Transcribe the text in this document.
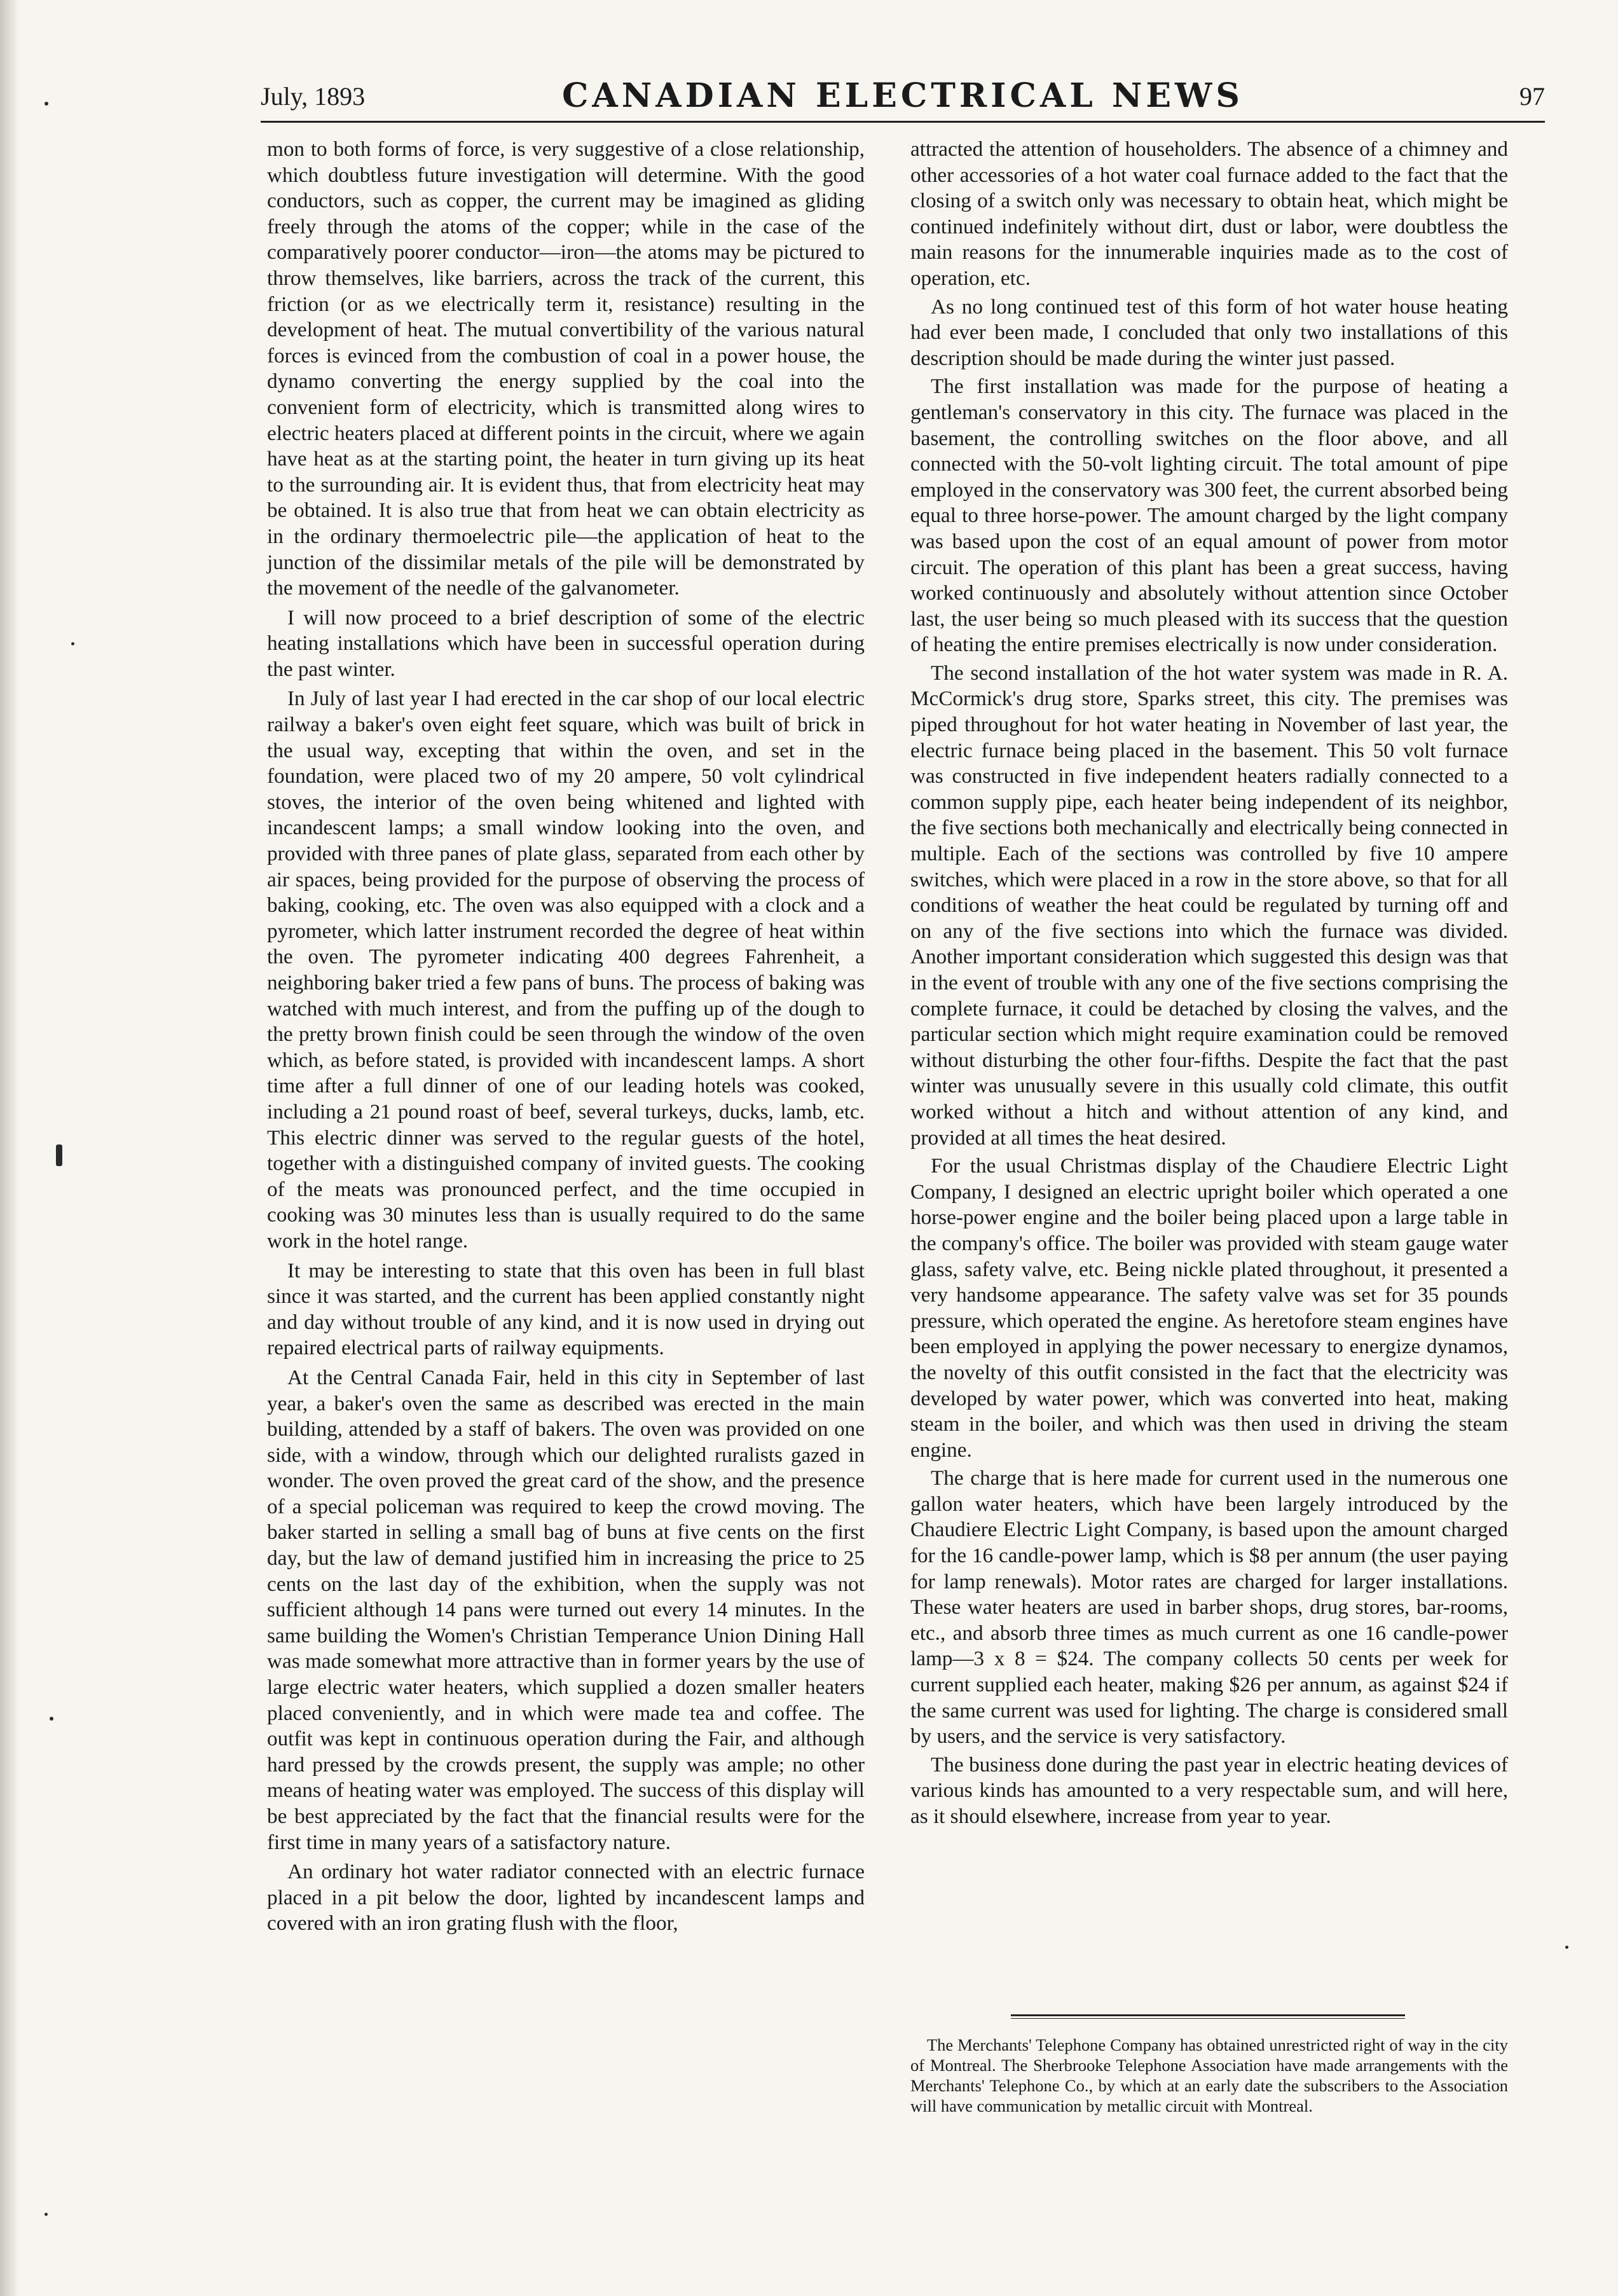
July, 1893	CANADIAN ELECTRICAL NEWS	97

mon to both forms of force, is very suggestive of a close relationship, which doubtless future investigation will determine. With the good conductors, such as copper, the current may be imagined as gliding freely through the atoms of the copper; while in the case of the comparatively poorer conductor—iron—the atoms may be pictured to throw themselves, like barriers, across the track of the current, this friction (or as we electrically term it, resistance) resulting in the development of heat. The mutual convertibility of the various natural forces is evinced from the combustion of coal in a power house, the dynamo converting the energy supplied by the coal into the convenient form of electricity, which is transmitted along wires to electric heaters placed at different points in the circuit, where we again have heat as at the starting point, the heater in turn giving up its heat to the surrounding air. It is evident thus, that from electricity heat may be obtained. It is also true that from heat we can obtain electricity as in the ordinary thermoelectric pile—the application of heat to the junction of the dissimilar metals of the pile will be demonstrated by the movement of the needle of the galvanometer.

I will now proceed to a brief description of some of the electric heating installations which have been in successful operation during the past winter.

In July of last year I had erected in the car shop of our local electric railway a baker's oven eight feet square, which was built of brick in the usual way, excepting that within the oven, and set in the foundation, were placed two of my 20 ampere, 50 volt cylindrical stoves, the interior of the oven being whitened and lighted with incandescent lamps; a small window looking into the oven, and provided with three panes of plate glass, separated from each other by air spaces, being provided for the purpose of observing the process of baking, cooking, etc. The oven was also equipped with a clock and a pyrometer, which latter instrument recorded the degree of heat within the oven. The pyrometer indicating 400 degrees Fahrenheit, a neighboring baker tried a few pans of buns. The process of baking was watched with much interest, and from the puffing up of the dough to the pretty brown finish could be seen through the window of the oven which, as before stated, is provided with incandescent lamps. A short time after a full dinner of one of our leading hotels was cooked, including a 21 pound roast of beef, several turkeys, ducks, lamb, etc. This electric dinner was served to the regular guests of the hotel, together with a distinguished company of invited guests. The cooking of the meats was pronounced perfect, and the time occupied in cooking was 30 minutes less than is usually required to do the same work in the hotel range.

It may be interesting to state that this oven has been in full blast since it was started, and the current has been applied constantly night and day without trouble of any kind, and it is now used in drying out repaired electrical parts of railway equipments.

At the Central Canada Fair, held in this city in September of last year, a baker's oven the same as described was erected in the main building, attended by a staff of bakers. The oven was provided on one side, with a window, through which our delighted ruralists gazed in wonder. The oven proved the great card of the show, and the presence of a special policeman was required to keep the crowd moving. The baker started in selling a small bag of buns at five cents on the first day, but the law of demand justified him in increasing the price to 25 cents on the last day of the exhibition, when the supply was not sufficient although 14 pans were turned out every 14 minutes. In the same building the Women's Christian Temperance Union Dining Hall was made somewhat more attractive than in former years by the use of large electric water heaters, which supplied a dozen smaller heaters placed conveniently, and in which were made tea and coffee. The outfit was kept in continuous operation during the Fair, and although hard pressed by the crowds present, the supply was ample; no other means of heating water was employed. The success of this display will be best appreciated by the fact that the financial results were for the first time in many years of a satisfactory nature.

An ordinary hot water radiator connected with an electric furnace placed in a pit below the door, lighted by incandescent lamps and covered with an iron grating flush with the floor,

attracted the attention of householders. The absence of a chimney and other accessories of a hot water coal furnace added to the fact that the closing of a switch only was necessary to obtain heat, which might be continued indefinitely without dirt, dust or labor, were doubtless the main reasons for the innumerable inquiries made as to the cost of operation, etc.

As no long continued test of this form of hot water house heating had ever been made, I concluded that only two installations of this description should be made during the winter just passed.

The first installation was made for the purpose of heating a gentleman's conservatory in this city. The furnace was placed in the basement, the controlling switches on the floor above, and all connected with the 50-volt lighting circuit. The total amount of pipe employed in the conservatory was 300 feet, the current absorbed being equal to three horse-power. The amount charged by the light company was based upon the cost of an equal amount of power from motor circuit. The operation of this plant has been a great success, having worked continuously and absolutely without attention since October last, the user being so much pleased with its success that the question of heating the entire premises electrically is now under consideration.

The second installation of the hot water system was made in R. A. McCormick's drug store, Sparks street, this city. The premises was piped throughout for hot water heating in November of last year, the electric furnace being placed in the basement. This 50 volt furnace was constructed in five independent heaters radially connected to a common supply pipe, each heater being independent of its neighbor, the five sections both mechanically and electrically being connected in multiple. Each of the sections was controlled by five 10 ampere switches, which were placed in a row in the store above, so that for all conditions of weather the heat could be regulated by turning off and on any of the five sections into which the furnace was divided. Another important consideration which suggested this design was that in the event of trouble with any one of the five sections comprising the complete furnace, it could be detached by closing the valves, and the particular section which might require examination could be removed without disturbing the other four-fifths. Despite the fact that the past winter was unusually severe in this usually cold climate, this outfit worked without a hitch and without attention of any kind, and provided at all times the heat desired.

For the usual Christmas display of the Chaudiere Electric Light Company, I designed an electric upright boiler which operated a one horse-power engine and the boiler being placed upon a large table in the company's office. The boiler was provided with steam gauge water glass, safety valve, etc. Being nickle plated throughout, it presented a very handsome appearance. The safety valve was set for 35 pounds pressure, which operated the engine. As heretofore steam engines have been employed in applying the power necessary to energize dynamos, the novelty of this outfit consisted in the fact that the electricity was developed by water power, which was converted into heat, making steam in the boiler, and which was then used in driving the steam engine.

The charge that is here made for current used in the numerous one gallon water heaters, which have been largely introduced by the Chaudiere Electric Light Company, is based upon the amount charged for the 16 candle-power lamp, which is $8 per annum (the user paying for lamp renewals). Motor rates are charged for larger installations. These water heaters are used in barber shops, drug stores, bar-rooms, etc., and absorb three times as much current as one 16 candle-power lamp—3 x 8 = $24. The company collects 50 cents per week for current supplied each heater, making $26 per annum, as against $24 if the same current was used for lighting. The charge is considered small by users, and the service is very satisfactory.

The business done during the past year in electric heating devices of various kinds has amounted to a very respectable sum, and will here, as it should elsewhere, increase from year to year.

The Merchants' Telephone Company has obtained unrestricted right of way in the city of Montreal. The Sherbrooke Telephone Association have made arrangements with the Merchants' Telephone Co., by which at an early date the subscribers to the Association will have communication by metallic circuit with Montreal.
